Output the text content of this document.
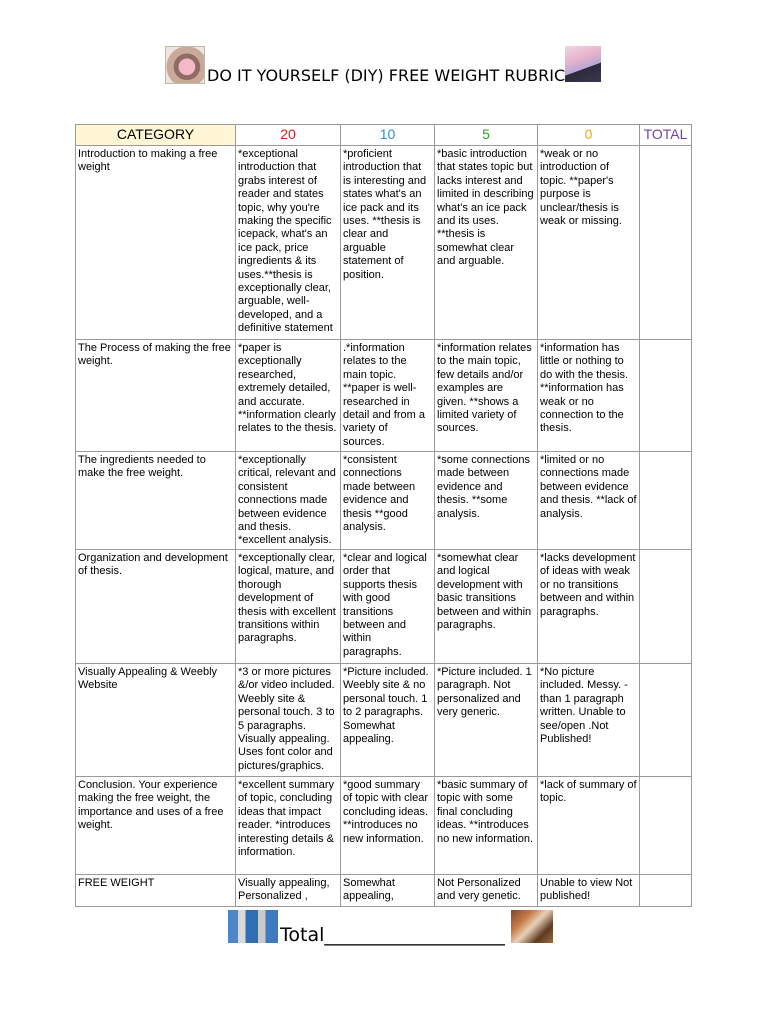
DO IT YOURSELF (DIY) FREE WEIGHT RUBRIC
CATEGORY	20	10	5	0	TOTAL
Introduction to making a free weight	*exceptional introduction that grabs interest of reader and states topic, why you're making the specific icepack, what's an ice pack, price ingredients & its uses.**thesis is exceptionally clear, arguable, well-developed, and a definitive statement	*proficient introduction that is interesting and states what's an ice pack and its uses. **thesis is clear and arguable statement of position.	*basic introduction that states topic but lacks interest and limited in describing what's an ice pack and its uses. **thesis is somewhat clear and arguable.	*weak or no introduction of topic. **paper's purpose is unclear/thesis is weak or missing.	
The Process of making the free weight.	*paper is exceptionally researched, extremely detailed, and accurate. **information clearly relates to the thesis.	.*information relates to the main topic. **paper is well-researched in detail and from a variety of sources.	*information relates to the main topic, few details and/or examples are given. **shows a limited variety of sources.	*information has little or nothing to do with the thesis. **information has weak or no connection to the thesis.	
The ingredients needed to make the free weight.	*exceptionally critical, relevant and consistent connections made between evidence and thesis. *excellent analysis.	*consistent connections made between evidence and thesis **good analysis.	*some connections made between evidence and thesis. **some analysis.	*limited or no connections made between evidence and thesis. **lack of analysis.	
Organization and development of thesis.	*exceptionally clear, logical, mature, and thorough development of thesis with excellent transitions within paragraphs.	*clear and logical order that supports thesis with good transitions between and within paragraphs.	*somewhat clear and logical development with basic transitions between and within paragraphs.	*lacks development of ideas with weak or no transitions between and within paragraphs.	
Visually Appealing & Weebly Website	*3 or more pictures &/or video included. Weebly site & personal touch. 3 to 5 paragraphs. Visually appealing. Uses font color and pictures/graphics.	*Picture included. Weebly site & no personal touch. 1 to 2 paragraphs. Somewhat appealing.	*Picture included. 1 paragraph. Not personalized and very generic.	*No picture included. Messy. -than 1 paragraph written. Unable to see/open .Not Published!	
Conclusion. Your experience making the free weight, the importance and uses of a free weight.	*excellent summary of topic, concluding ideas that impact reader. *introduces interesting details & information.	*good summary of topic with clear concluding ideas. **introduces no new information.	*basic summary of topic with some final concluding ideas. **introduces no new information.	*lack of summary of topic.	
FREE WEIGHT	Visually appealing, Personalized ,	Somewhat appealing,	Not Personalized and very genetic.	Unable to view Not published!	
Total___________________
